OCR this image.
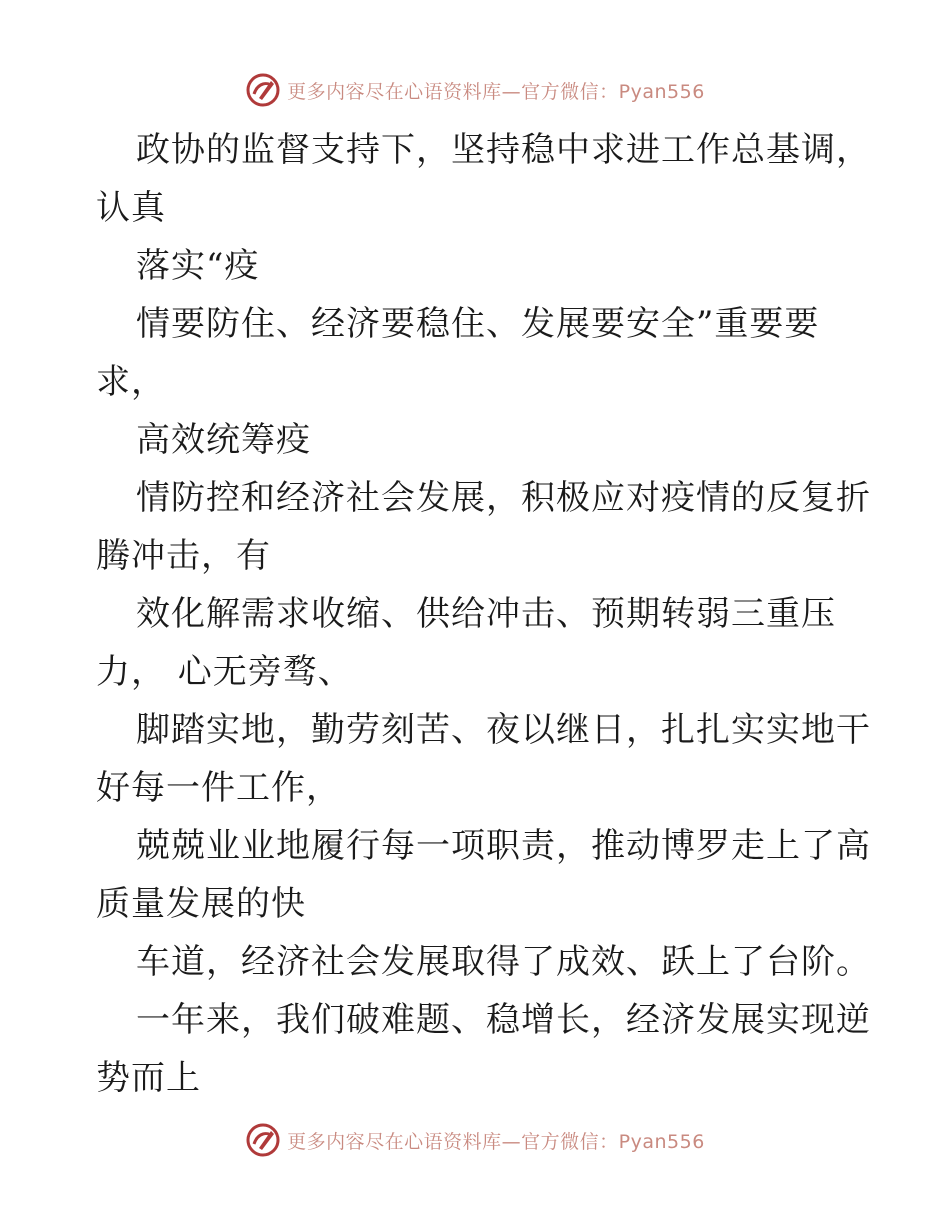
更多内容尽在心语资料库—官方微信：Pyan556
政协的监督支持下，坚持稳中求进工作总基调，
认真
落实“疫
情要防住、经济要稳住、发展要安全”重要要
求，
高效统筹疫
情防控和经济社会发展，积极应对疫情的反复折
腾冲击，有
效化解需求收缩、供给冲击、预期转弱三重压
力， 心无旁骛、
脚踏实地，勤劳刻苦、夜以继日，扎扎实实地干
好每一件工作，
兢兢业业地履行每一项职责，推动博罗走上了高
质量发展的快
车道，经济社会发展取得了成效、跃上了台阶。
一年来，我们破难题、稳增长，经济发展实现逆
势而上
更多内容尽在心语资料库—官方微信：Pyan556
